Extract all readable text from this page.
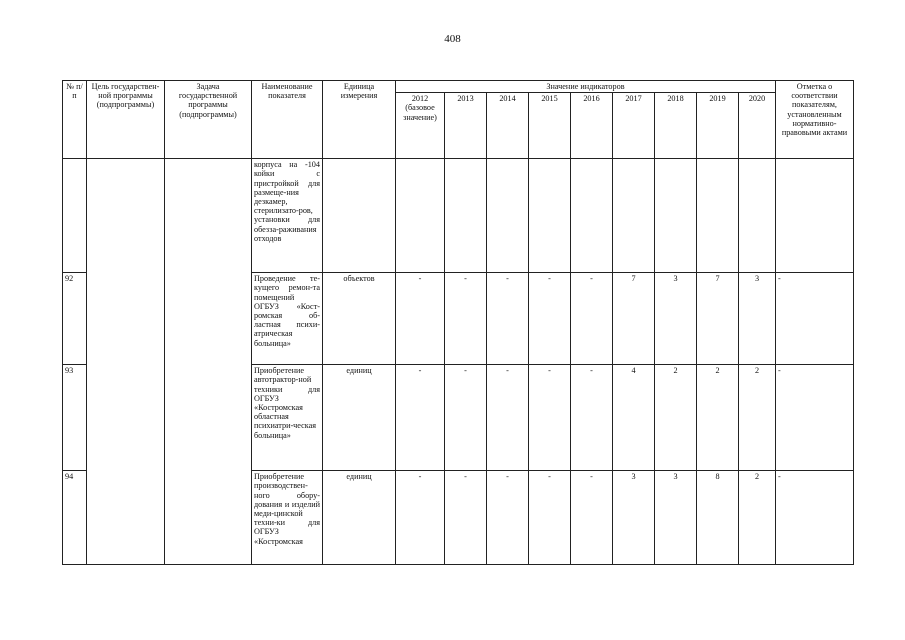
408
№ п/п	Цель государствен-ной программы (подпрограммы)	Задача государственной программы (подпрограммы)	Наименование показателя	Единица измерения	Значение индикаторов									Отметка о соответствии показателям, установленным нормативно-правовыми актами
					2012 (базовое значение)	2013	2014	2015	2016	2017	2018	2019	2020	
			корпуса на -104 койки с пристройкой для размеще-ния дезкамер, стерилизато-ров, установки для обезза-раживания отходов											
92			Проведение те-кущего ремон-та помещений ОГБУЗ «Кост-ромская об-ластная психи-атрическая больница»	объектов	-	-	-	-	-	7	3	7	3	-
93			Приобретение автотрактор-ной техники для ОГБУЗ «Костромская областная психиатри-ческая больница»	единиц	-	-	-	-	-	4	2	2	2	-
94			Приобретение производствен-ного обору-дования и изделий меди-цинской техни-ки для ОГБУЗ «Костромская	единиц	-	-	-	-	-	3	3	8	2	-
